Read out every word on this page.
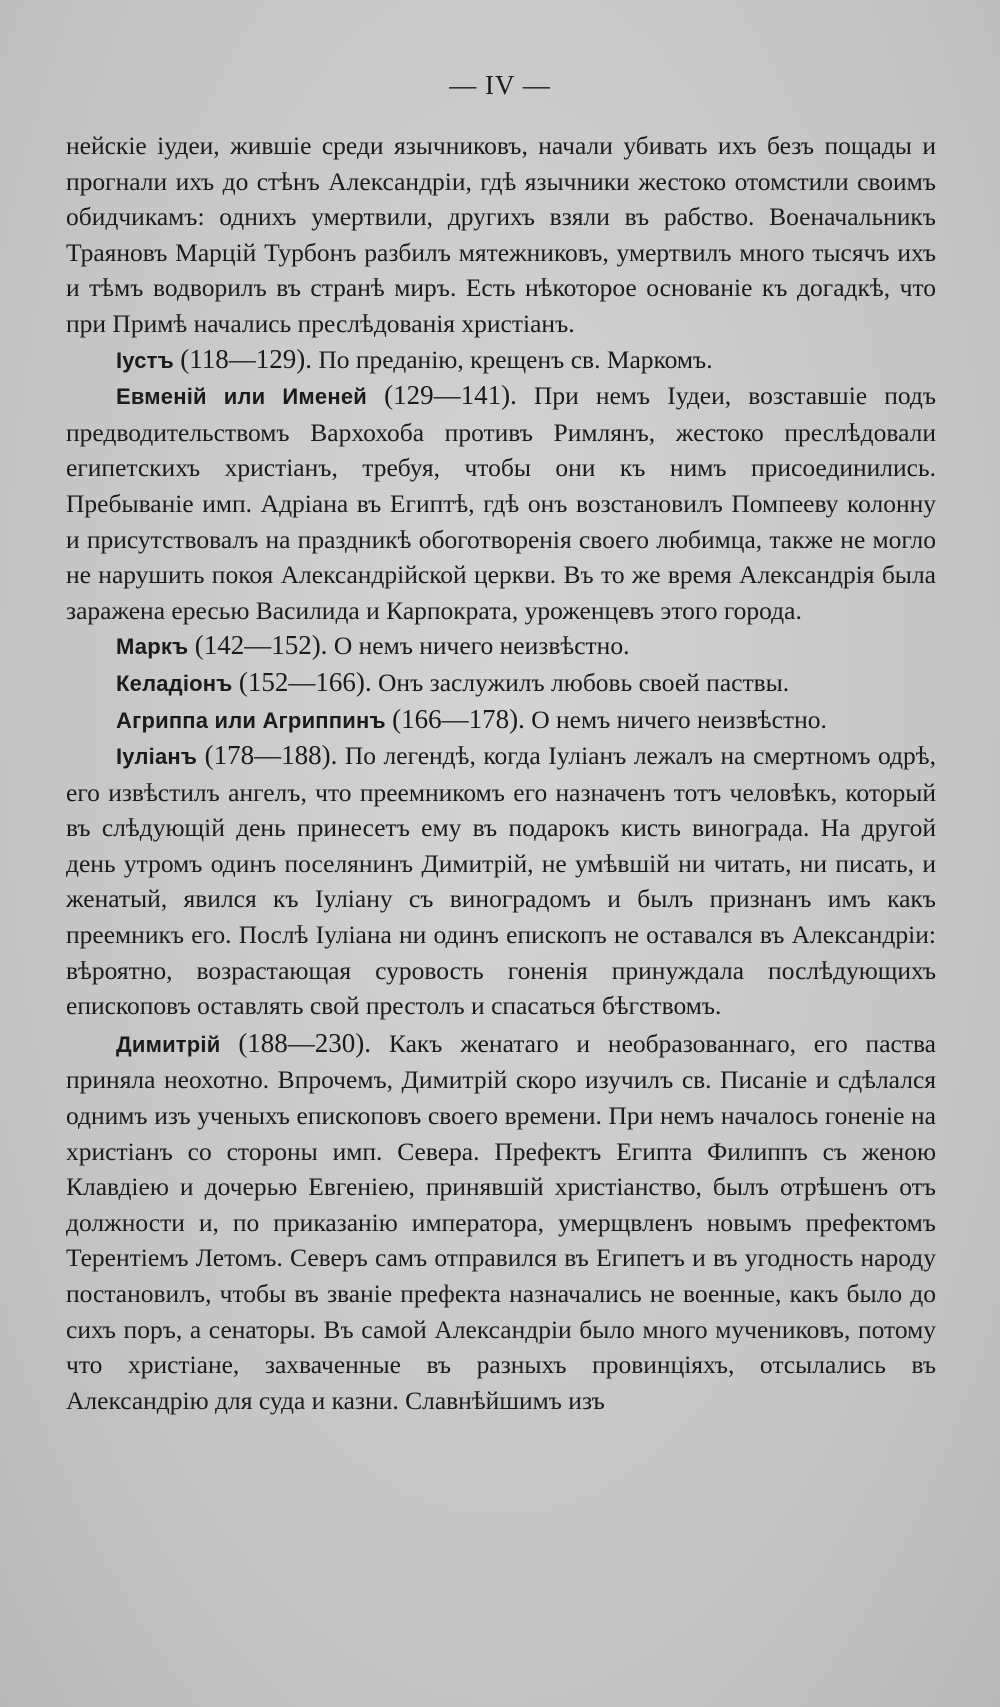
— IV —

нейскіе іудеи, жившіе среди язычниковъ, начали убивать ихъ безъ пощады и прогнали ихъ до стѣнъ Александріи, гдѣ язычники жестоко отомстили своимъ обидчикамъ: однихъ умертвили, другихъ взяли въ рабство. Военачальникъ Траяновъ Марцій Турбонъ разбилъ мятежниковъ, умертвилъ много тысячъ ихъ и тѣмъ водворилъ въ странѣ миръ. Есть нѣкоторое основаніе къ догадкѣ, что при Примѣ начались преслѣдованія христіанъ.

Іустъ (118—129). По преданію, крещенъ св. Маркомъ.

Евменій или Именей (129—141). При немъ Іудеи, возставшіе подъ предводительствомъ Вархохоба противъ Римлянъ, жестоко преслѣдовали египетскихъ христіанъ, требуя, чтобы они къ нимъ присоединились. Пребываніе имп. Адріана въ Египтѣ, гдѣ онъ возстановилъ Помпееву колонну и присутствовалъ на праздникѣ обоготворенія своего любимца, также не могло не нарушить покоя Александрійской церкви. Въ то же время Александрія была заражена ересью Василида и Карпократа, уроженцевъ этого города.

Маркъ (142—152). О немъ ничего неизвѣстно.

Келадіонъ (152—166). Онъ заслужилъ любовь своей паствы.

Агриппа или Агриппинъ (166—178). О немъ ничего неизвѣстно.

Іуліанъ (178—188). По легендѣ, когда Іуліанъ лежалъ на смертномъ одрѣ, его извѣстилъ ангелъ, что преемникомъ его назначенъ тотъ человѣкъ, который въ слѣдующій день принесетъ ему въ подарокъ кисть винограда. На другой день утромъ одинъ поселянинъ Димитрій, не умѣвшій ни читать, ни писать, и женатый, явился къ Іуліану съ виноградомъ и былъ признанъ имъ какъ преемникъ его. Послѣ Іуліана ни одинъ епископъ не оставался въ Александріи: вѣроятно, возрастающая суровость гоненія принуждала послѣдующихъ епископовъ оставлять свой престолъ и спасаться бѣгствомъ.

Димитрій (188—230). Какъ женатаго и необразованнаго, его паства приняла неохотно. Впрочемъ, Димитрій скоро изучилъ св. Писаніе и сдѣлался однимъ изъ ученыхъ епископовъ своего времени. При немъ началось гоненіе на христіанъ со стороны имп. Севера. Префектъ Египта Филиппъ съ женою Клавдіею и дочерью Евгеніею, принявшій христіанство, былъ отрѣшенъ отъ должности и, по приказанію императора, умерщвленъ новымъ префектомъ Терентіемъ Летомъ. Северъ самъ отправился въ Египетъ и въ угодность народу постановилъ, чтобы въ званіе префекта назначались не военные, какъ было до сихъ поръ, а сенаторы. Въ самой Александріи было много мучениковъ, потому что христіане, захваченные въ разныхъ провинціяхъ, отсылались въ Александрію для суда и казни. Славнѣйшимъ изъ
